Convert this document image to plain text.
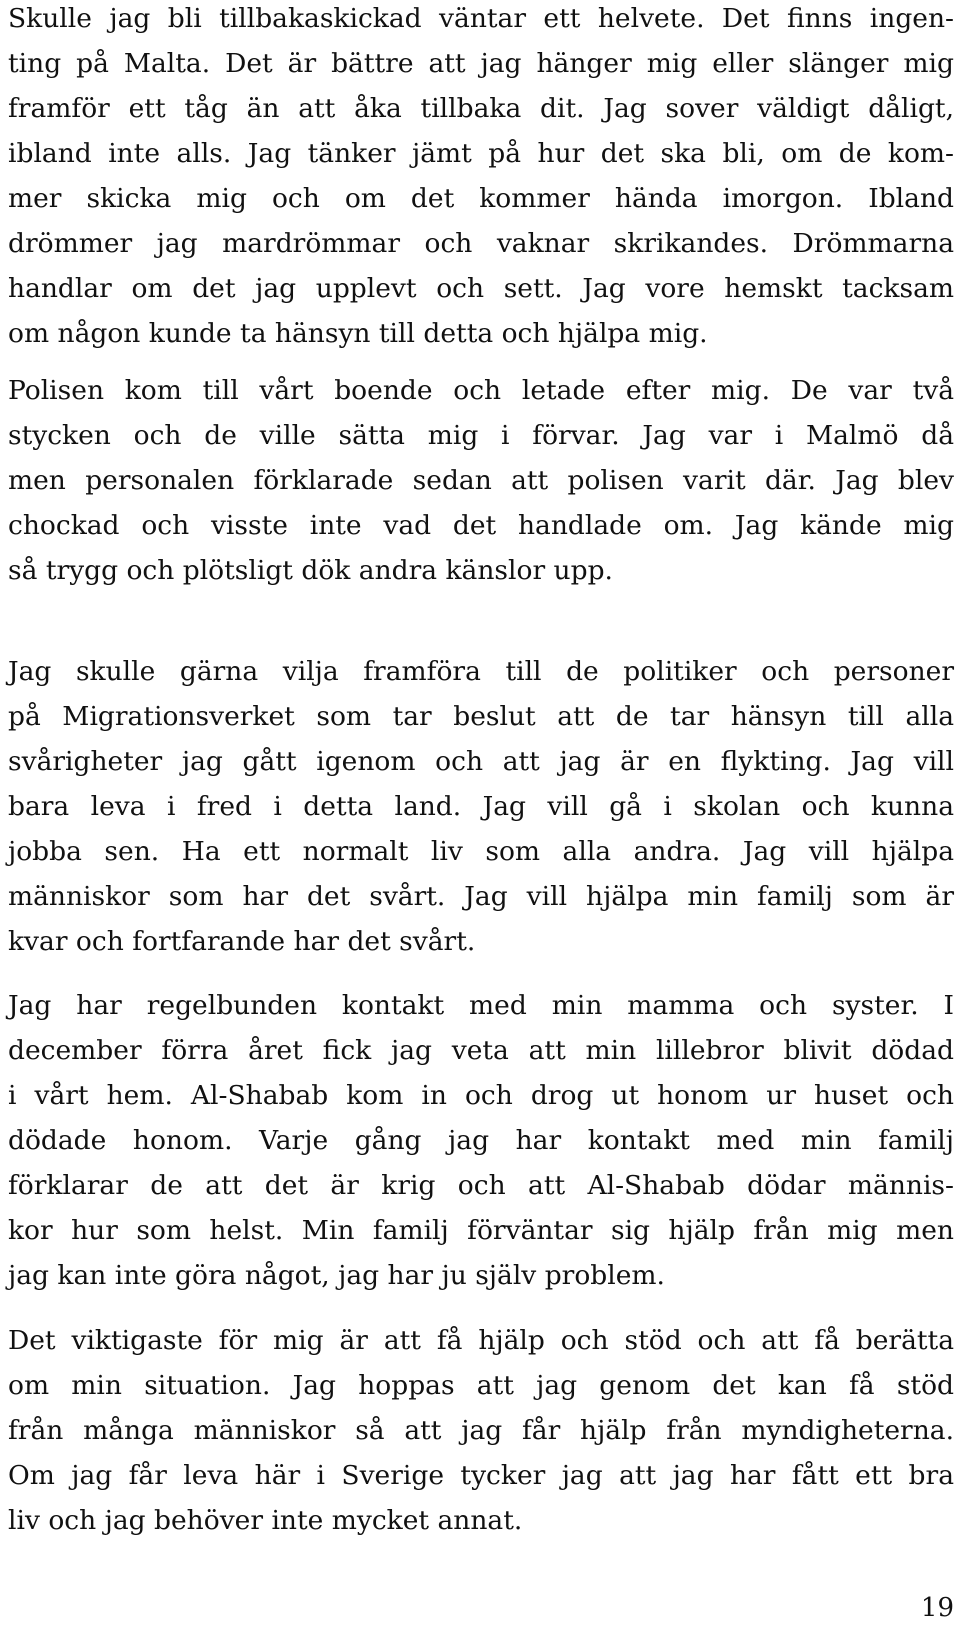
Skulle jag bli tillbakaskickad väntar ett helvete. Det finns ingen-
ting på Malta. Det är bättre att jag hänger mig eller slänger mig
framför ett tåg än att åka tillbaka dit. Jag sover väldigt dåligt,
ibland inte alls. Jag tänker jämt på hur det ska bli, om de kom-
mer skicka mig och om det kommer hända imorgon. Ibland
drömmer jag mardrömmar och vaknar skrikandes. Drömmarna
handlar om det jag upplevt och sett. Jag vore hemskt tacksam
om någon kunde ta hänsyn till detta och hjälpa mig.
Polisen kom till vårt boende och letade efter mig. De var två
stycken och de ville sätta mig i förvar. Jag var i Malmö då
men personalen förklarade sedan att polisen varit där. Jag blev
chockad och visste inte vad det handlade om. Jag kände mig
så trygg och plötsligt dök andra känslor upp.
Jag skulle gärna vilja framföra till de politiker och personer
på Migrationsverket som tar beslut att de tar hänsyn till alla
svårigheter jag gått igenom och att jag är en flykting. Jag vill
bara leva i fred i detta land. Jag vill gå i skolan och kunna
jobba sen. Ha ett normalt liv som alla andra. Jag vill hjälpa
människor som har det svårt. Jag vill hjälpa min familj som är
kvar och fortfarande har det svårt.
Jag har regelbunden kontakt med min mamma och syster. I
december förra året fick jag veta att min lillebror blivit dödad
i vårt hem. Al-Shabab kom in och drog ut honom ur huset och
dödade honom. Varje gång jag har kontakt med min familj
förklarar de att det är krig och att Al-Shabab dödar männis-
kor hur som helst. Min familj förväntar sig hjälp från mig men
jag kan inte göra något, jag har ju själv problem.
Det viktigaste för mig är att få hjälp och stöd och att få berätta
om min situation. Jag hoppas att jag genom det kan få stöd
från många människor så att jag får hjälp från myndigheterna.
Om jag får leva här i Sverige tycker jag att jag har fått ett bra
liv och jag behöver inte mycket annat.
19
